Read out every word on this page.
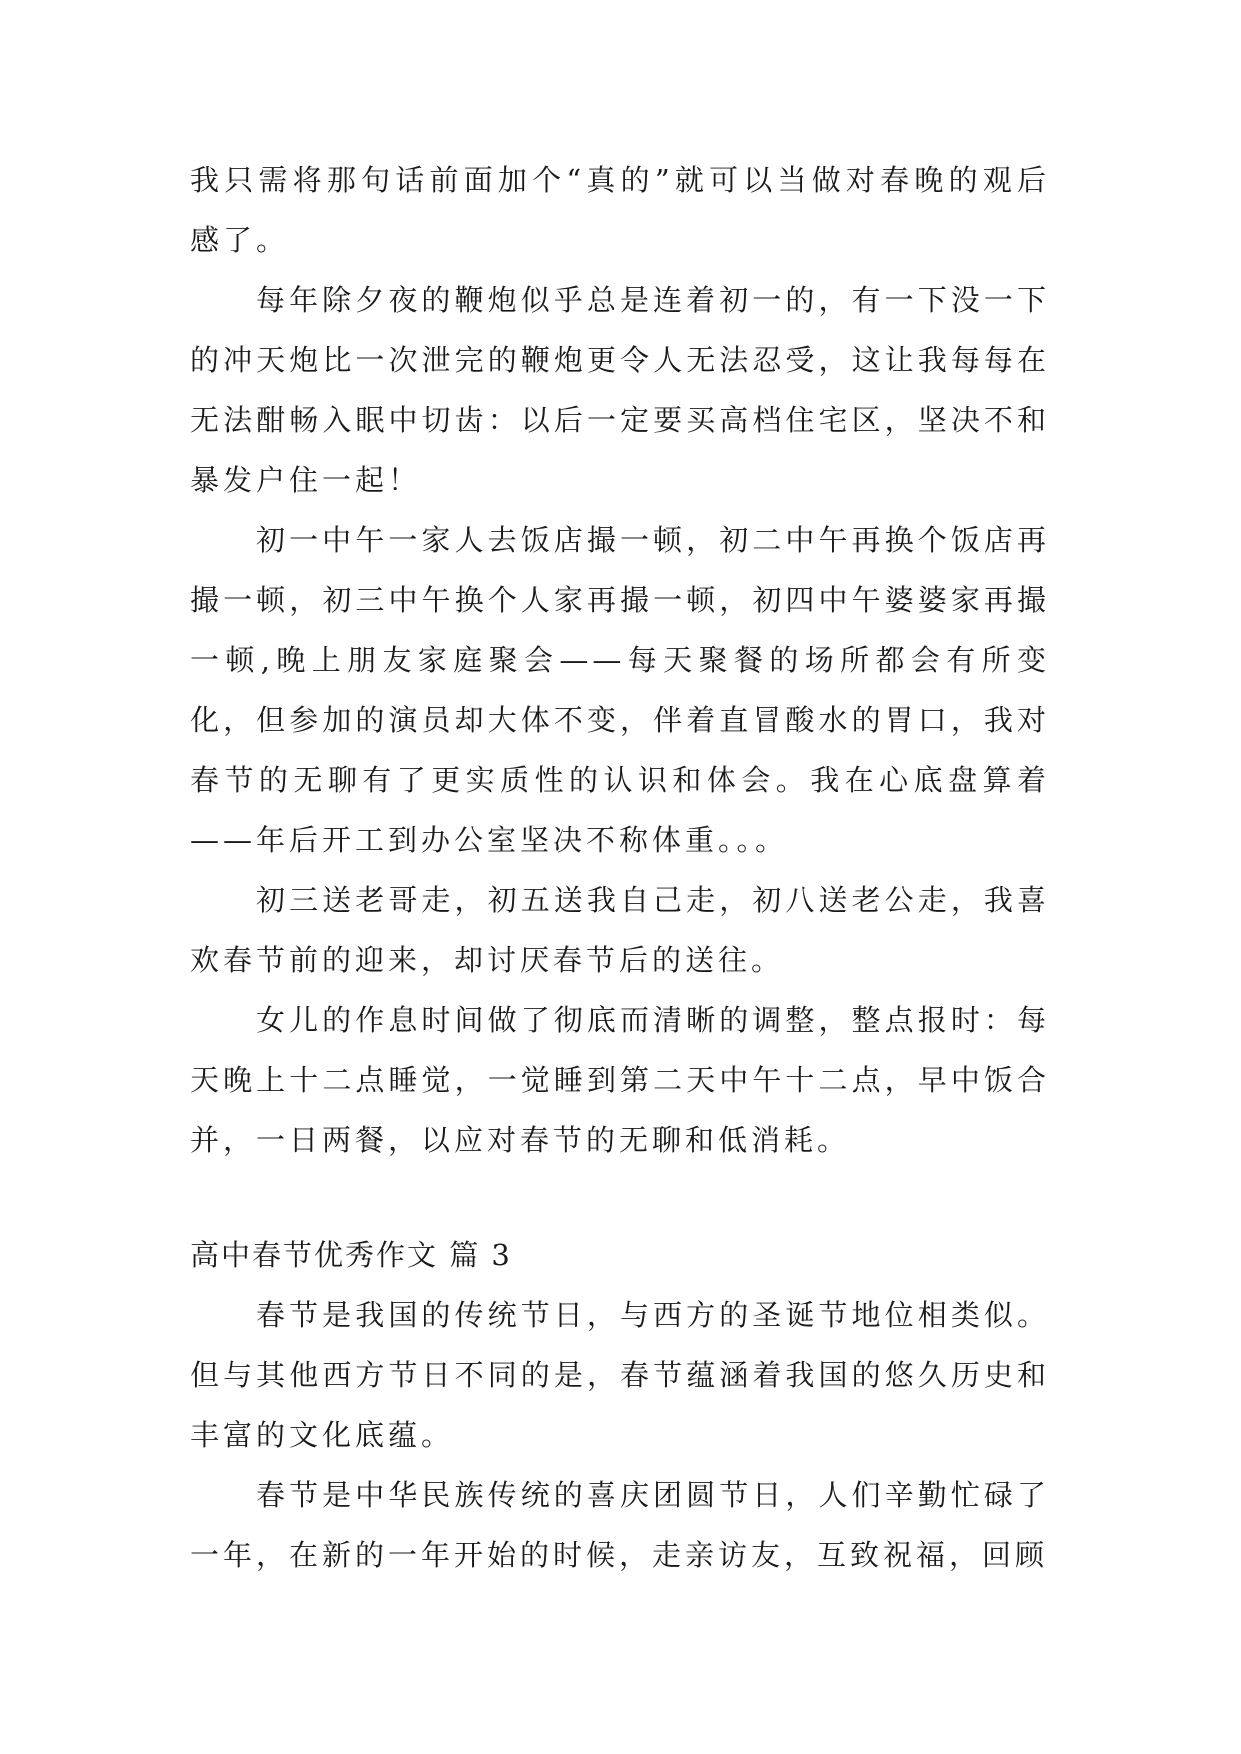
我只需将那句话前面加个“真的”就可以当做对春晚的观后感了。

每年除夕夜的鞭炮似乎总是连着初一的，有一下没一下的冲天炮比一次泄完的鞭炮更令人无法忍受，这让我每每在无法酣畅入眠中切齿：以后一定要买高档住宅区，坚决不和暴发户住一起！

初一中午一家人去饭店撮一顿，初二中午再换个饭店再撮一顿，初三中午换个人家再撮一顿，初四中午婆婆家再撮一顿,晚上朋友家庭聚会——每天聚餐的场所都会有所变化，但参加的演员却大体不变，伴着直冒酸水的胃口，我对春节的无聊有了更实质性的认识和体会。我在心底盘算着——年后开工到办公室坚决不称体重。。。

初三送老哥走，初五送我自己走，初八送老公走，我喜欢春节前的迎来，却讨厌春节后的送往。

女儿的作息时间做了彻底而清晰的调整，整点报时：每天晚上十二点睡觉，一觉睡到第二天中午十二点，早中饭合并，一日两餐，以应对春节的无聊和低消耗。

高中春节优秀作文 篇 3

春节是我国的传统节日，与西方的圣诞节地位相类似。但与其他西方节日不同的是，春节蕴涵着我国的悠久历史和丰富的文化底蕴。

春节是中华民族传统的喜庆团圆节日，人们辛勤忙碌了一年，在新的一年开始的时候，走亲访友，互致祝福，回顾
